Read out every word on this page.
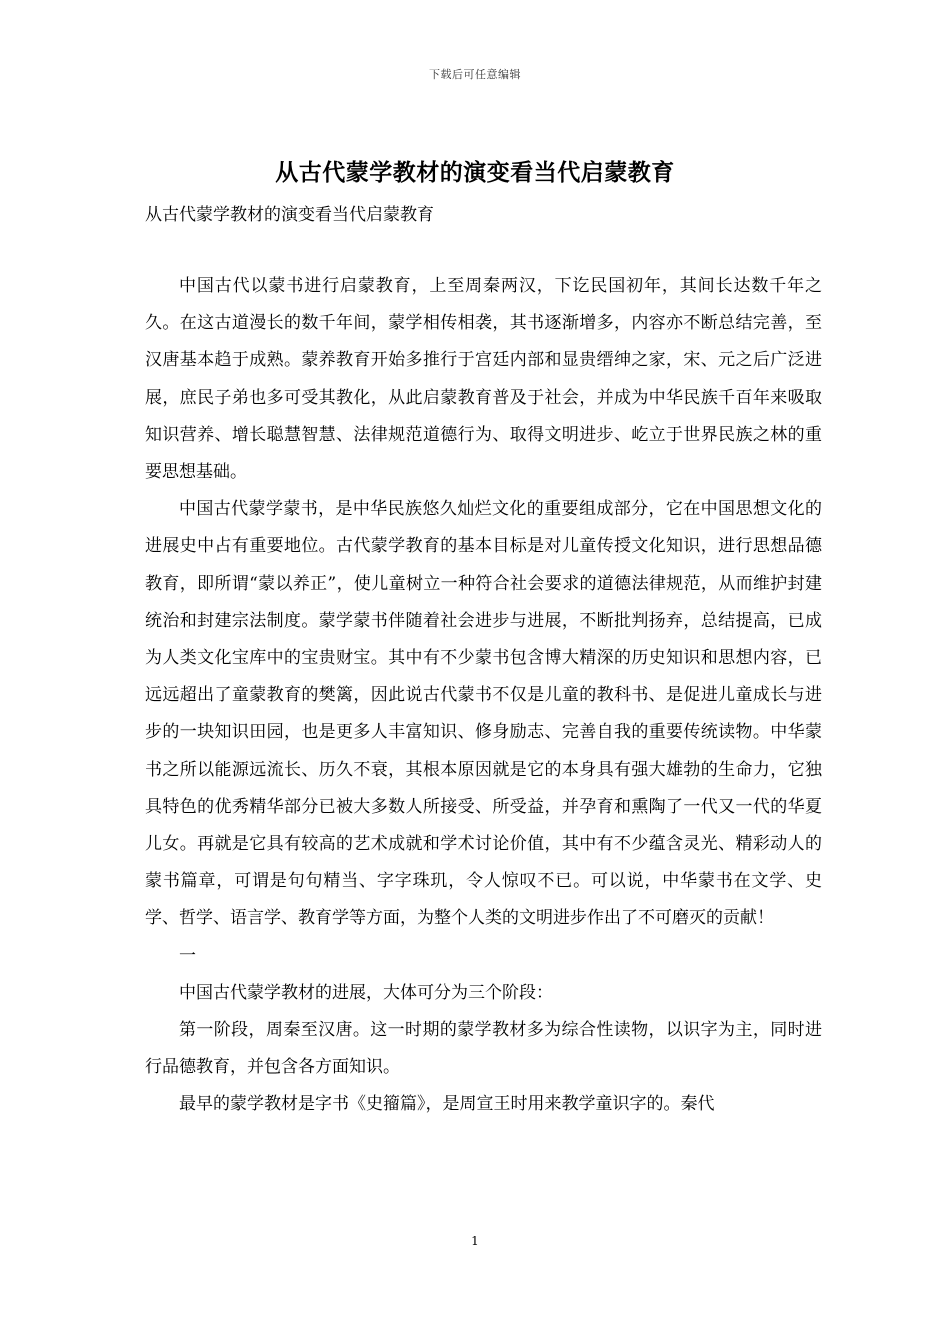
下载后可任意编辑
从古代蒙学教材的演变看当代启蒙教育
从古代蒙学教材的演变看当代启蒙教育

中国古代以蒙书进行启蒙教育，上至周秦两汉，下讫民国初年，其间长达数千年之久。在这古道漫长的数千年间，蒙学相传相袭，其书逐渐增多，内容亦不断总结完善，至汉唐基本趋于成熟。蒙养教育开始多推行于宫廷内部和显贵缙绅之家，宋、元之后广泛进展，庶民子弟也多可受其教化，从此启蒙教育普及于社会，并成为中华民族千百年来吸取知识营养、增长聪慧智慧、法律规范道德行为、取得文明进步、屹立于世界民族之林的重要思想基础。

中国古代蒙学蒙书，是中华民族悠久灿烂文化的重要组成部分，它在中国思想文化的进展史中占有重要地位。古代蒙学教育的基本目标是对儿童传授文化知识，进行思想品德教育，即所谓“蒙以养正”，使儿童树立一种符合社会要求的道德法律规范，从而维护封建统治和封建宗法制度。蒙学蒙书伴随着社会进步与进展，不断批判扬弃，总结提高，已成为人类文化宝库中的宝贵财宝。其中有不少蒙书包含博大精深的历史知识和思想内容，已远远超出了童蒙教育的樊篱，因此说古代蒙书不仅是儿童的教科书、是促进儿童成长与进步的一块知识田园，也是更多人丰富知识、修身励志、完善自我的重要传统读物。中华蒙书之所以能源远流长、历久不衰，其根本原因就是它的本身具有强大雄勃的生命力，它独具特色的优秀精华部分已被大多数人所接受、所受益，并孕育和熏陶了一代又一代的华夏儿女。再就是它具有较高的艺术成就和学术讨论价值，其中有不少蕴含灵光、精彩动人的蒙书篇章，可谓是句句精当、字字珠玑，令人惊叹不已。可以说，中华蒙书在文学、史学、哲学、语言学、教育学等方面，为整个人类的文明进步作出了不可磨灭的贡献！

一

中国古代蒙学教材的进展，大体可分为三个阶段：

第一阶段，周秦至汉唐。这一时期的蒙学教材多为综合性读物，以识字为主，同时进行品德教育，并包含各方面知识。

最早的蒙学教材是字书《史籀篇》，是周宣王时用来教学童识字的。秦代

1
